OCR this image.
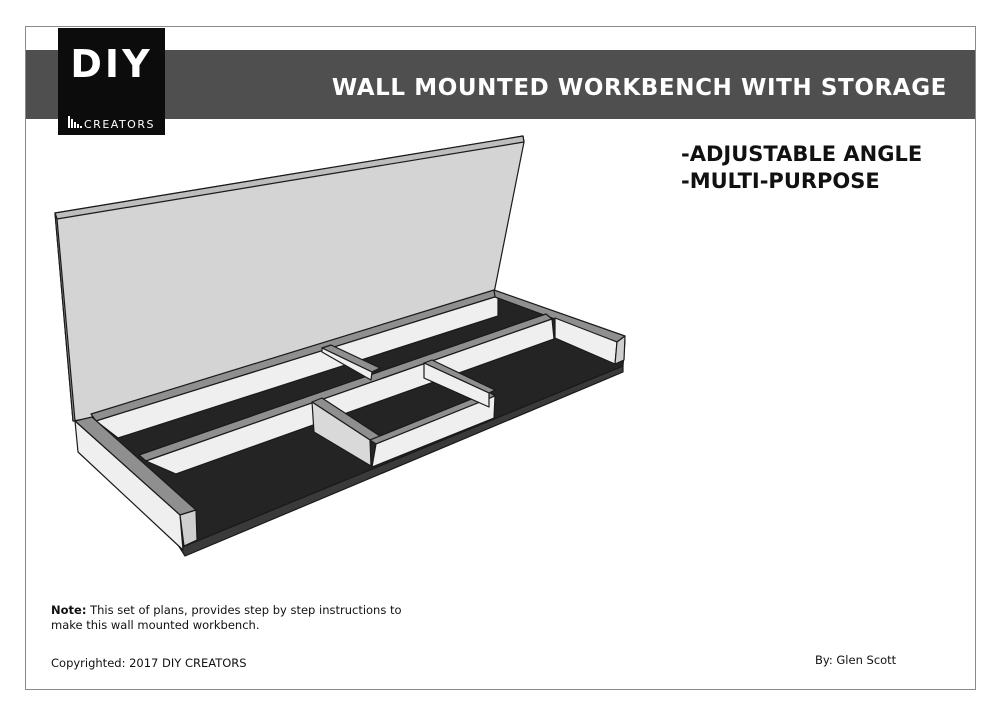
WALL MOUNTED WORKBENCH WITH STORAGE
DIY
CREATORS
-ADJUSTABLE ANGLE
-MULTI-PURPOSE
Note: This set of plans, provides step by step instructions to make this wall mounted workbench.
Copyrighted: 2017 DIY CREATORS	By: Glen Scott
